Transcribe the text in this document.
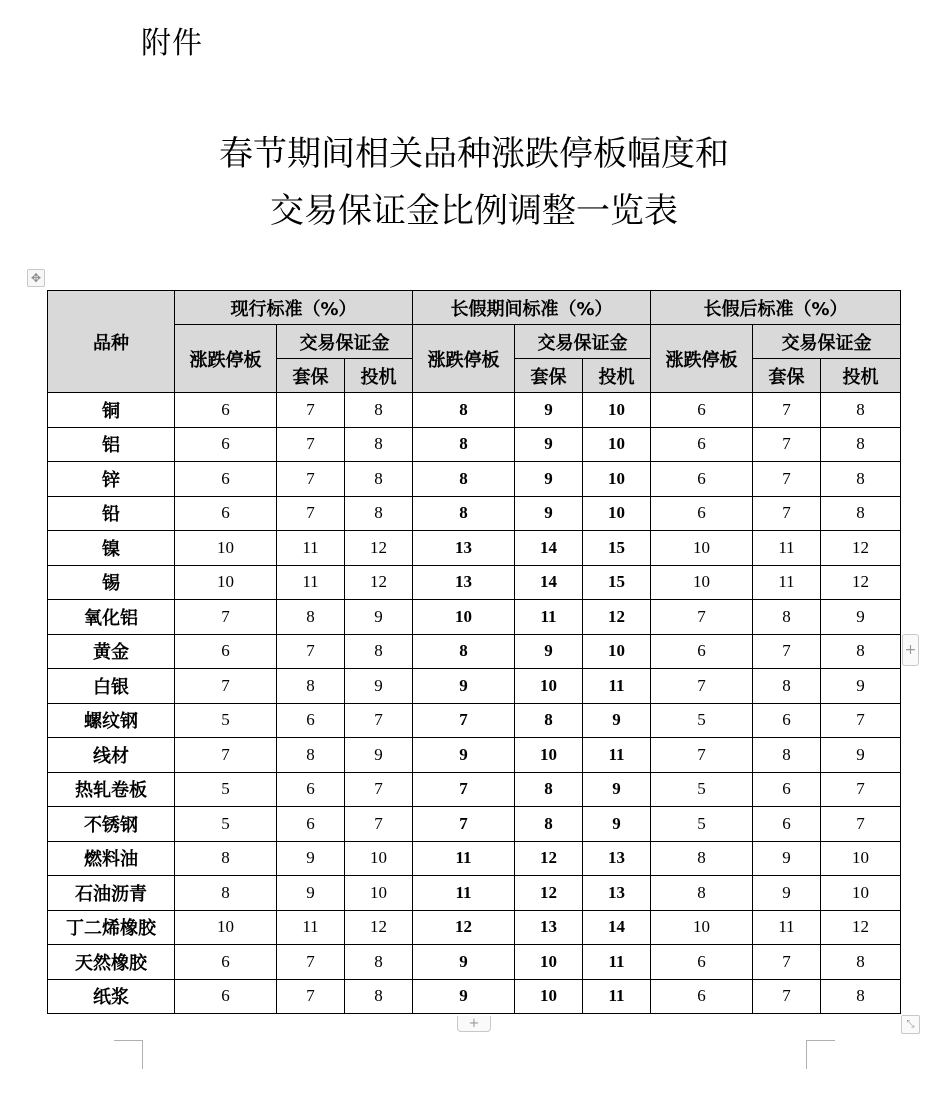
附件
春节期间相关品种涨跌停板幅度和
交易保证金比例调整一览表
✥
品种	现行标准（%）			长假期间标准（%）			长假后标准（%）		
	涨跌停板	交易保证金		涨跌停板	交易保证金		涨跌停板	交易保证金	
		套保	投机		套保	投机		套保	投机
铜	6	7	8	8	9	10	6	7	8
铝	6	7	8	8	9	10	6	7	8
锌	6	7	8	8	9	10	6	7	8
铅	6	7	8	8	9	10	6	7	8
镍	10	11	12	13	14	15	10	11	12
锡	10	11	12	13	14	15	10	11	12
氧化铝	7	8	9	10	11	12	7	8	9
黄金	6	7	8	8	9	10	6	7	8
白银	7	8	9	9	10	11	7	8	9
螺纹钢	5	6	7	7	8	9	5	6	7
线材	7	8	9	9	10	11	7	8	9
热轧卷板	5	6	7	7	8	9	5	6	7
不锈钢	5	6	7	7	8	9	5	6	7
燃料油	8	9	10	11	12	13	8	9	10
石油沥青	8	9	10	11	12	13	8	9	10
丁二烯橡胶	10	11	12	12	13	14	10	11	12
天然橡胶	6	7	8	9	10	11	6	7	8
纸浆	6	7	8	9	10	11	6	7	8
+
+	⤡
